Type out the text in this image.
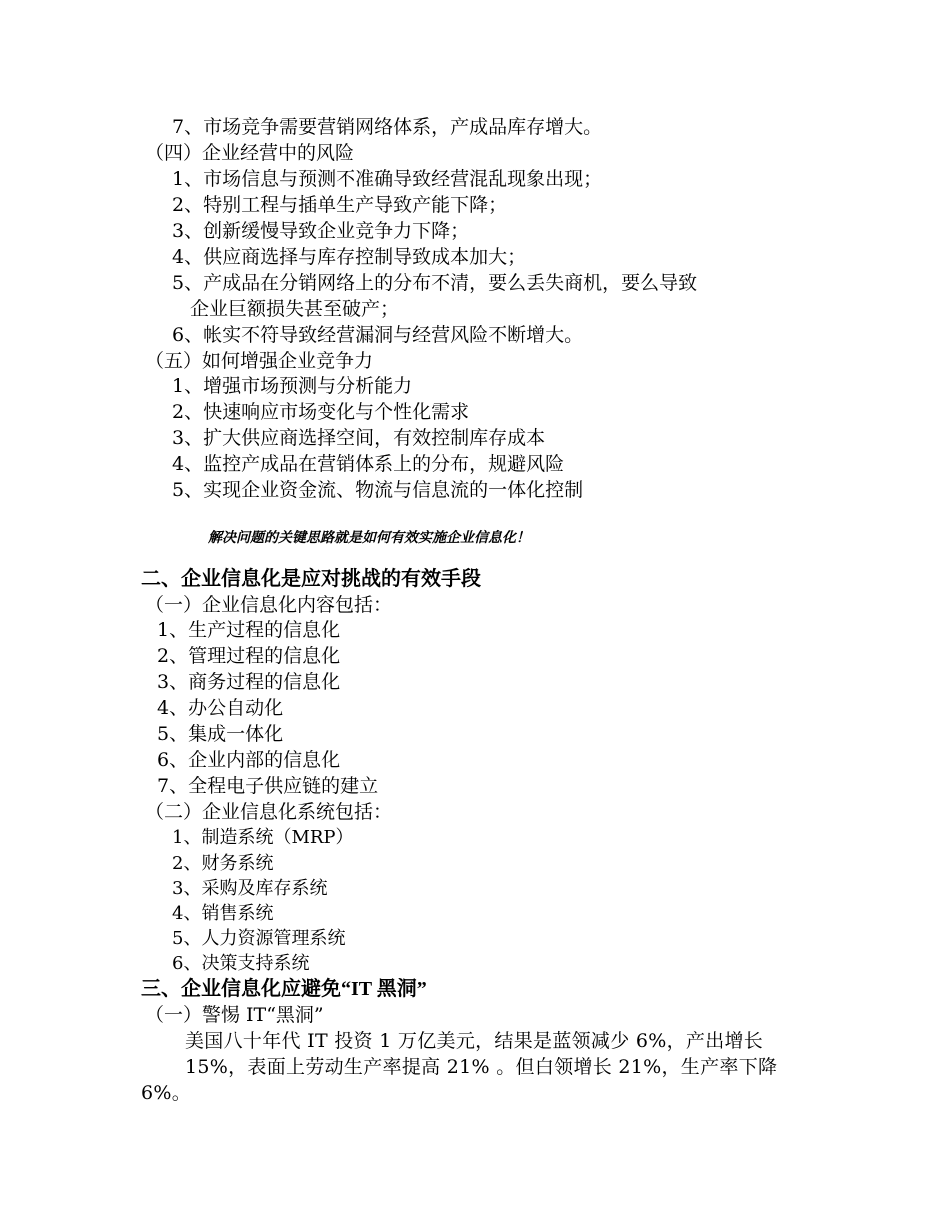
7、市场竞争需要营销网络体系，产成品库存增大。
（四）企业经营中的风险
1、市场信息与预测不准确导致经营混乱现象出现；
2、特别工程与插单生产导致产能下降；
3、创新缓慢导致企业竞争力下降；
4、供应商选择与库存控制导致成本加大；
5、产成品在分销网络上的分布不清，要么丢失商机，要么导致
企业巨额损失甚至破产；
6、帐实不符导致经营漏洞与经营风险不断增大。
（五）如何增强企业竞争力
1、增强市场预测与分析能力
2、快速响应市场变化与个性化需求
3、扩大供应商选择空间，有效控制库存成本
4、监控产成品在营销体系上的分布，规避风险
5、实现企业资金流、物流与信息流的一体化控制
解决问题的关键思路就是如何有效实施企业信息化！
二、企业信息化是应对挑战的有效手段
（一）企业信息化内容包括：
1、生产过程的信息化
2、管理过程的信息化
3、商务过程的信息化
4、办公自动化
5、集成一体化
6、企业内部的信息化
7、全程电子供应链的建立
（二）企业信息化系统包括：
1、制造系统（MRP）
2、财务系统
3、采购及库存系统
4、销售系统
5、人力资源管理系统
6、决策支持系统
三、企业信息化应避免“IT 黑洞”
（一）警惕 IT“黑洞”
美国八十年代 IT 投资 1 万亿美元，结果是蓝领减少 6%，产出增长
15%，表面上劳动生产率提高 21% 。但白领增长 21%，生产率下降
6%。
